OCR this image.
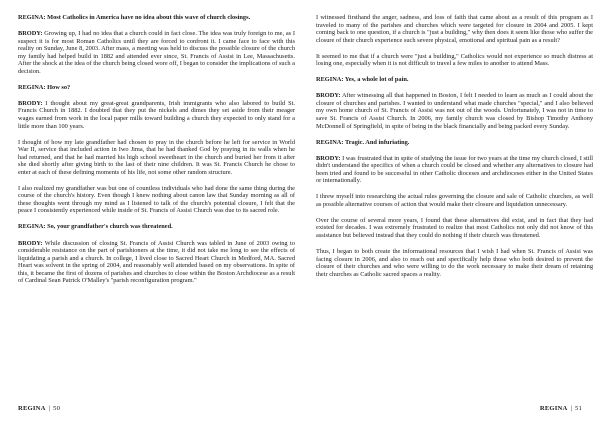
REGINA: Most Catholics in America have no idea about this wave of church closings.

BRODY: Growing up, I had no idea that a church could in fact close. The idea was truly foreign to me, as I suspect it is for most Roman Catholics until they are forced to confront it. I came face to face with this reality on Sunday, June 8, 2003. After mass, a meeting was held to discuss the possible closure of the church my family had helped build in 1882 and attended ever since, St. Francis of Assisi in Lee, Massachusetts. After the shock at the idea of the church being closed wore off, I began to consider the implications of such a decision.

REGINA: How so?

BRODY: I thought about my great-great grandparents, Irish immigrants who also labored to build St. Francis Church in 1882. I doubted that they put the nickels and dimes they set aside from their meager wages earned from work in the local paper mills toward building a church they expected to only stand for a little more than 100 years.

I thought of how my late grandfather had chosen to pray in the church before he left for service in World War II, service that included action in Iwo Jima, that he had thanked God by praying in its walls when he had returned, and that he had married his high school sweetheart in the church and buried her from it after she died shortly after giving birth to the last of their nine children. It was St. Francis Church he chose to enter at each of these defining moments of his life, not some other random structure.

I also realized my grandfather was but one of countless individuals who had done the same thing during the course of the church's history. Even though I knew nothing about canon law that Sunday morning as all of these thoughts went through my mind as I listened to talk of the church's potential closure, I felt that the peace I consistently experienced while inside of St. Francis of Assisi Church was due to its sacred role.

REGINA: So, your grandfather's church was threatened.

BRODY: While discussion of closing St. Francis of Assisi Church was tabled in June of 2003 owing to considerable resistance on the part of parishioners at the time, it did not take me long to see the effects of liquidating a parish and a church. In college, I lived close to Sacred Heart Church in Medford, MA. Sacred Heart was solvent in the spring of 2004, and reasonably well attended based on my observations. In spite of this, it became the first of dozens of parishes and churches to close within the Boston Archdiocese as a result of Cardinal Sean Patrick O'Malley's "parish reconfiguration program."

I witnessed firsthand the anger, sadness, and loss of faith that came about as a result of this program as I traveled to many of the parishes and churches which were targeted for closure in 2004 and 2005. I kept coming back to one question, if a church is "just a building," why then does it seem like those who suffer the closure of their church experience such severe physical, emotional and spiritual pain as a result?

It seemed to me that if a church were "just a building," Catholics would not experience so much distress at losing one, especially when it is not difficult to travel a few miles to another to attend Mass.

REGINA: Yes, a whole lot of pain.

BRODY: After witnessing all that happened in Boston, I felt I needed to learn as much as I could about the closure of churches and parishes. I wanted to understand what made churches "special," and I also believed my own home church of St. Francis of Assisi was not out of the woods. Unfortunately, I was not in time to save St. Francis of Assisi Church. In 2006, my family church was closed by Bishop Timothy Anthony McDonnell of Springfield, in spite of being in the black financially and being packed every Sunday.

REGINA: Tragic. And infuriating.

BRODY: I was frustrated that in spite of studying the issue for two years at the time my church closed, I still didn't understand the specifics of when a church could be closed and whether any alternatives to closure had been tried and found to be successful in other Catholic dioceses and archdioceses either in the United States or internationally.

I threw myself into researching the actual rules governing the closure and sale of Catholic churches, as well as possible alternative courses of action that would make their closure and liquidation unnecessary.

Over the course of several more years, I found that these alternatives did exist, and in fact that they had existed for decades. I was extremely frustrated to realize that most Catholics not only did not know of this assistance but believed instead that they could do nothing if their church was threatened.

Thus, I began to both create the informational resources that I wish I had when St. Francis of Assisi was facing closure in 2006, and also to reach out and specifically help those who both desired to prevent the closure of their churches and who were willing to do the work necessary to make their dream of retaining their churches as Catholic sacred spaces a reality.

REGINA | 50	REGINA | 51
